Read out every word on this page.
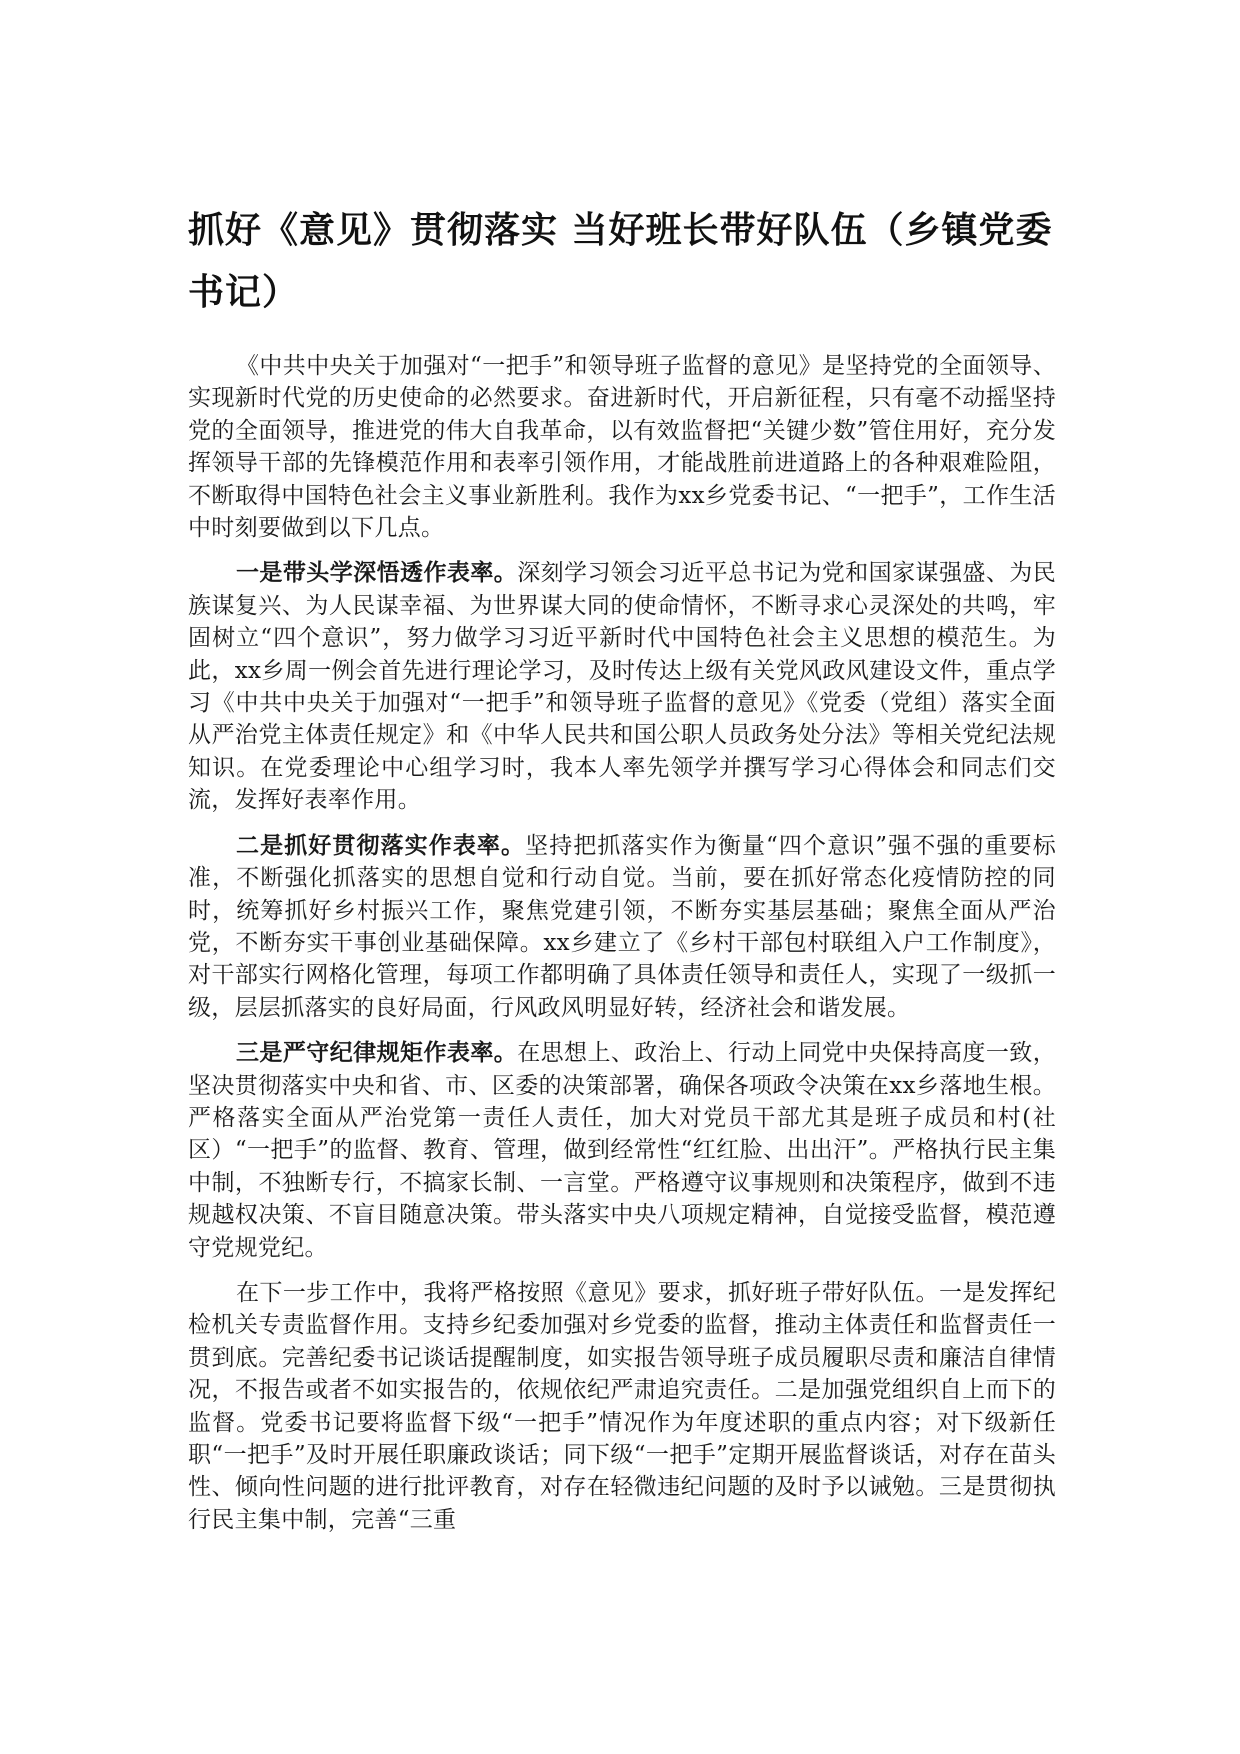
抓好《意见》贯彻落实 当好班长带好队伍（乡镇党委书记）

《中共中央关于加强对“一把手”和领导班子监督的意见》是坚持党的全面领导、实现新时代党的历史使命的必然要求。奋进新时代，开启新征程，只有毫不动摇坚持党的全面领导，推进党的伟大自我革命，以有效监督把“关键少数”管住用好，充分发挥领导干部的先锋模范作用和表率引领作用，才能战胜前进道路上的各种艰难险阻，不断取得中国特色社会主义事业新胜利。我作为xx乡党委书记、“一把手”，工作生活中时刻要做到以下几点。

一是带头学深悟透作表率。深刻学习领会习近平总书记为党和国家谋强盛、为民族谋复兴、为人民谋幸福、为世界谋大同的使命情怀，不断寻求心灵深处的共鸣，牢固树立“四个意识”，努力做学习习近平新时代中国特色社会主义思想的模范生。为此，xx乡周一例会首先进行理论学习，及时传达上级有关党风政风建设文件，重点学习《中共中央关于加强对“一把手”和领导班子监督的意见》《党委（党组）落实全面从严治党主体责任规定》和《中华人民共和国公职人员政务处分法》等相关党纪法规知识。在党委理论中心组学习时，我本人率先领学并撰写学习心得体会和同志们交流，发挥好表率作用。

二是抓好贯彻落实作表率。坚持把抓落实作为衡量“四个意识”强不强的重要标准，不断强化抓落实的思想自觉和行动自觉。当前，要在抓好常态化疫情防控的同时，统筹抓好乡村振兴工作，聚焦党建引领，不断夯实基层基础；聚焦全面从严治党，不断夯实干事创业基础保障。xx乡建立了《乡村干部包村联组入户工作制度》，对干部实行网格化管理，每项工作都明确了具体责任领导和责任人，实现了一级抓一级，层层抓落实的良好局面，行风政风明显好转，经济社会和谐发展。

三是严守纪律规矩作表率。在思想上、政治上、行动上同党中央保持高度一致，坚决贯彻落实中央和省、市、区委的决策部署，确保各项政令决策在xx乡落地生根。严格落实全面从严治党第一责任人责任，加大对党员干部尤其是班子成员和村(社区）“一把手”的监督、教育、管理，做到经常性“红红脸、出出汗”。严格执行民主集中制，不独断专行，不搞家长制、一言堂。严格遵守议事规则和决策程序，做到不违规越权决策、不盲目随意决策。带头落实中央八项规定精神，自觉接受监督，模范遵守党规党纪。

在下一步工作中，我将严格按照《意见》要求，抓好班子带好队伍。一是发挥纪检机关专责监督作用。支持乡纪委加强对乡党委的监督，推动主体责任和监督责任一贯到底。完善纪委书记谈话提醒制度，如实报告领导班子成员履职尽责和廉洁自律情况，不报告或者不如实报告的，依规依纪严肃追究责任。二是加强党组织自上而下的监督。党委书记要将监督下级“一把手”情况作为年度述职的重点内容；对下级新任职“一把手”及时开展任职廉政谈话；同下级“一把手”定期开展监督谈话，对存在苗头性、倾向性问题的进行批评教育，对存在轻微违纪问题的及时予以诫勉。三是贯彻执行民主集中制，完善“三重
